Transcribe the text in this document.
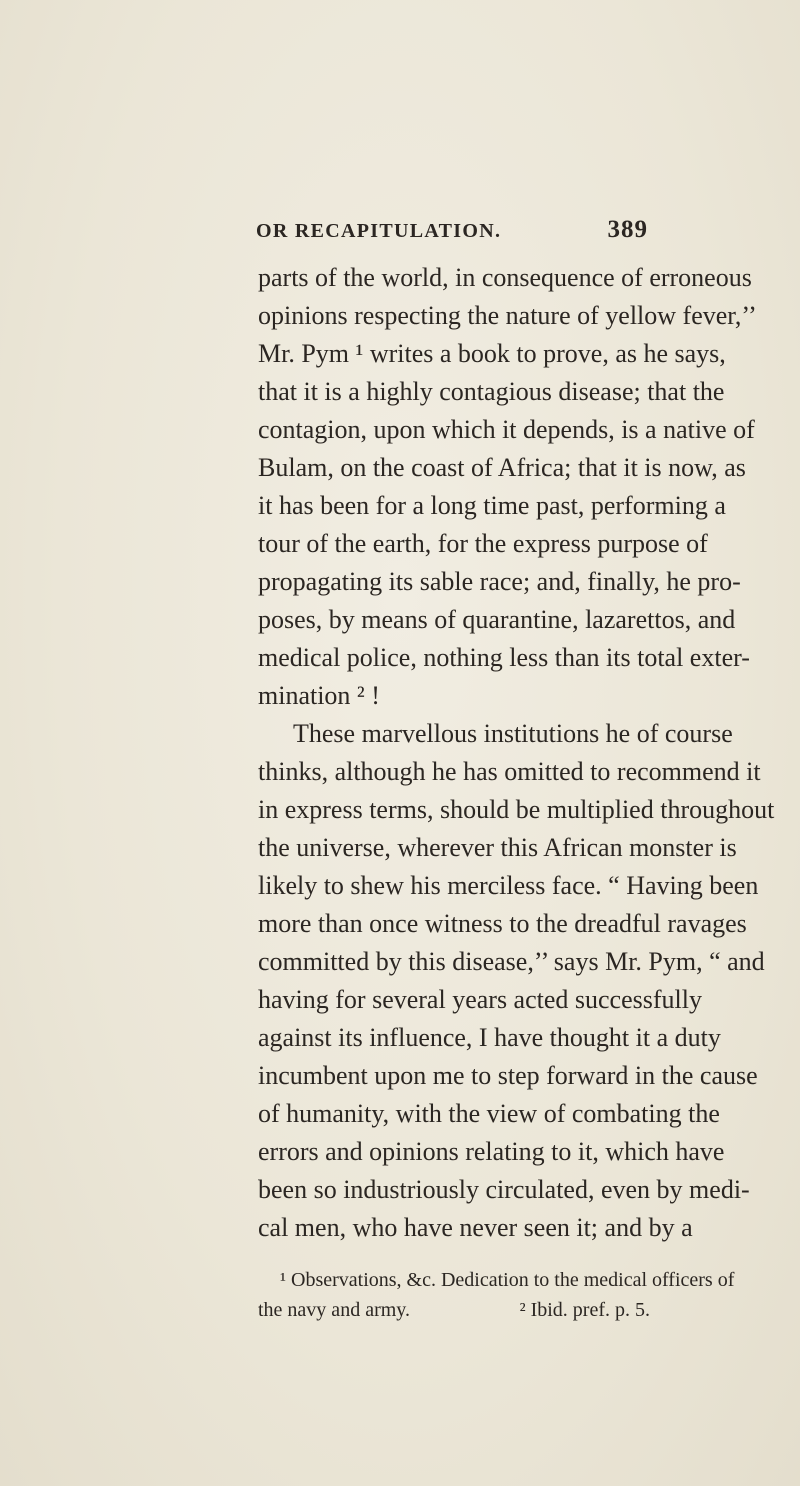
OR RECAPITULATION.	389
parts of the world, in consequence of erroneous
opinions respecting the nature of yellow fever,’’
Mr. Pym ¹ writes a book to prove, as he says,
that it is a highly contagious disease; that the
contagion, upon which it depends, is a native of
Bulam, on the coast of Africa; that it is now, as
it has been for a long time past, performing a
tour of the earth, for the express purpose of
propagating its sable race; and, finally, he pro-
poses, by means of quarantine, lazarettos, and
medical police, nothing less than its total exter-
mination ² !
These marvellous institutions he of course
thinks, although he has omitted to recommend it
in express terms, should be multiplied throughout
the universe, wherever this African monster is
likely to shew his merciless face. “ Having been
more than once witness to the dreadful ravages
committed by this disease,’’ says Mr. Pym, “ and
having for several years acted successfully
against its influence, I have thought it a duty
incumbent upon me to step forward in the cause
of humanity, with the view of combating the
errors and opinions relating to it, which have
been so industriously circulated, even by medi-
cal men, who have never seen it; and by a
¹ Observations, &c. Dedication to the medical officers of
the navy and army.	² Ibid. pref. p. 5.
